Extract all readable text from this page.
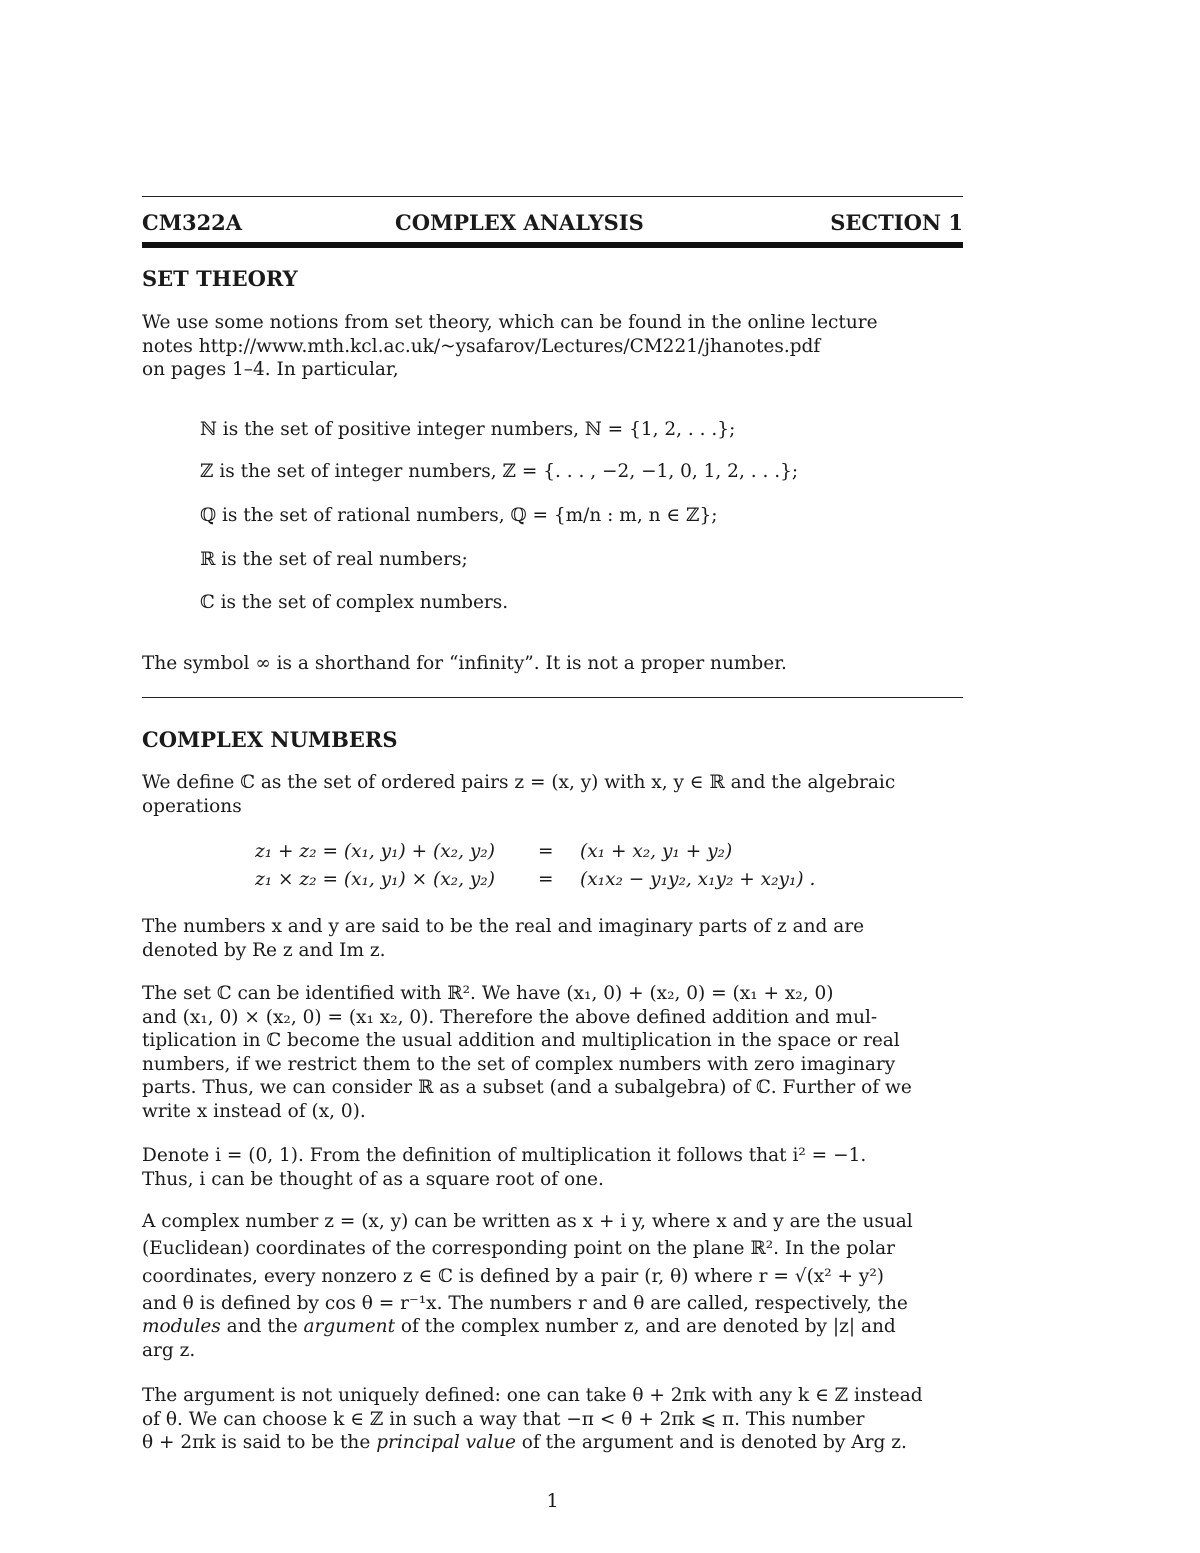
CM322A	COMPLEX ANALYSIS	SECTION 1
SET THEORY
We use some notions from set theory, which can be found in the online lecture
notes http://www.mth.kcl.ac.uk/~ysafarov/Lectures/CM221/jhanotes.pdf
on pages 1–4. In particular,
ℕ is the set of positive integer numbers, ℕ = {1, 2, . . .};
ℤ is the set of integer numbers, ℤ = {. . . , −2, −1, 0, 1, 2, . . .};
ℚ is the set of rational numbers, ℚ = {m/n : m, n ∈ ℤ};
ℝ is the set of real numbers;
ℂ is the set of complex numbers.
The symbol ∞ is a shorthand for “infinity”. It is not a proper number.
COMPLEX NUMBERS
We define ℂ as the set of ordered pairs z = (x, y) with x, y ∈ ℝ and the algebraic
operations
z₁ + z₂ = (x₁, y₁) + (x₂, y₂) = (x₁ + x₂, y₁ + y₂)
z₁ × z₂ = (x₁, y₁) × (x₂, y₂) = (x₁x₂ − y₁y₂, x₁y₂ + x₂y₁) .
The numbers x and y are said to be the real and imaginary parts of z and are
denoted by Re z and Im z.
The set ℂ can be identified with ℝ². We have (x₁, 0) + (x₂, 0) = (x₁ + x₂, 0)
and (x₁, 0) × (x₂, 0) = (x₁ x₂, 0). Therefore the above defined addition and mul-
tiplication in ℂ become the usual addition and multiplication in the space or real
numbers, if we restrict them to the set of complex numbers with zero imaginary
parts. Thus, we can consider ℝ as a subset (and a subalgebra) of ℂ. Further of we
write x instead of (x, 0).
Denote i = (0, 1). From the definition of multiplication it follows that i² = −1.
Thus, i can be thought of as a square root of one.
A complex number z = (x, y) can be written as x + i y, where x and y are the usual
(Euclidean) coordinates of the corresponding point on the plane ℝ². In the polar
coordinates, every nonzero z ∈ ℂ is defined by a pair (r, θ) where r = √(x² + y²)
and θ is defined by cos θ = r⁻¹x. The numbers r and θ are called, respectively, the
modules and the argument of the complex number z, and are denoted by |z| and
arg z.
The argument is not uniquely defined: one can take θ + 2πk with any k ∈ ℤ instead
of θ. We can choose k ∈ ℤ in such a way that −π < θ + 2πk ⩽ π. This number
θ + 2πk is said to be the principal value of the argument and is denoted by Arg z.
1
